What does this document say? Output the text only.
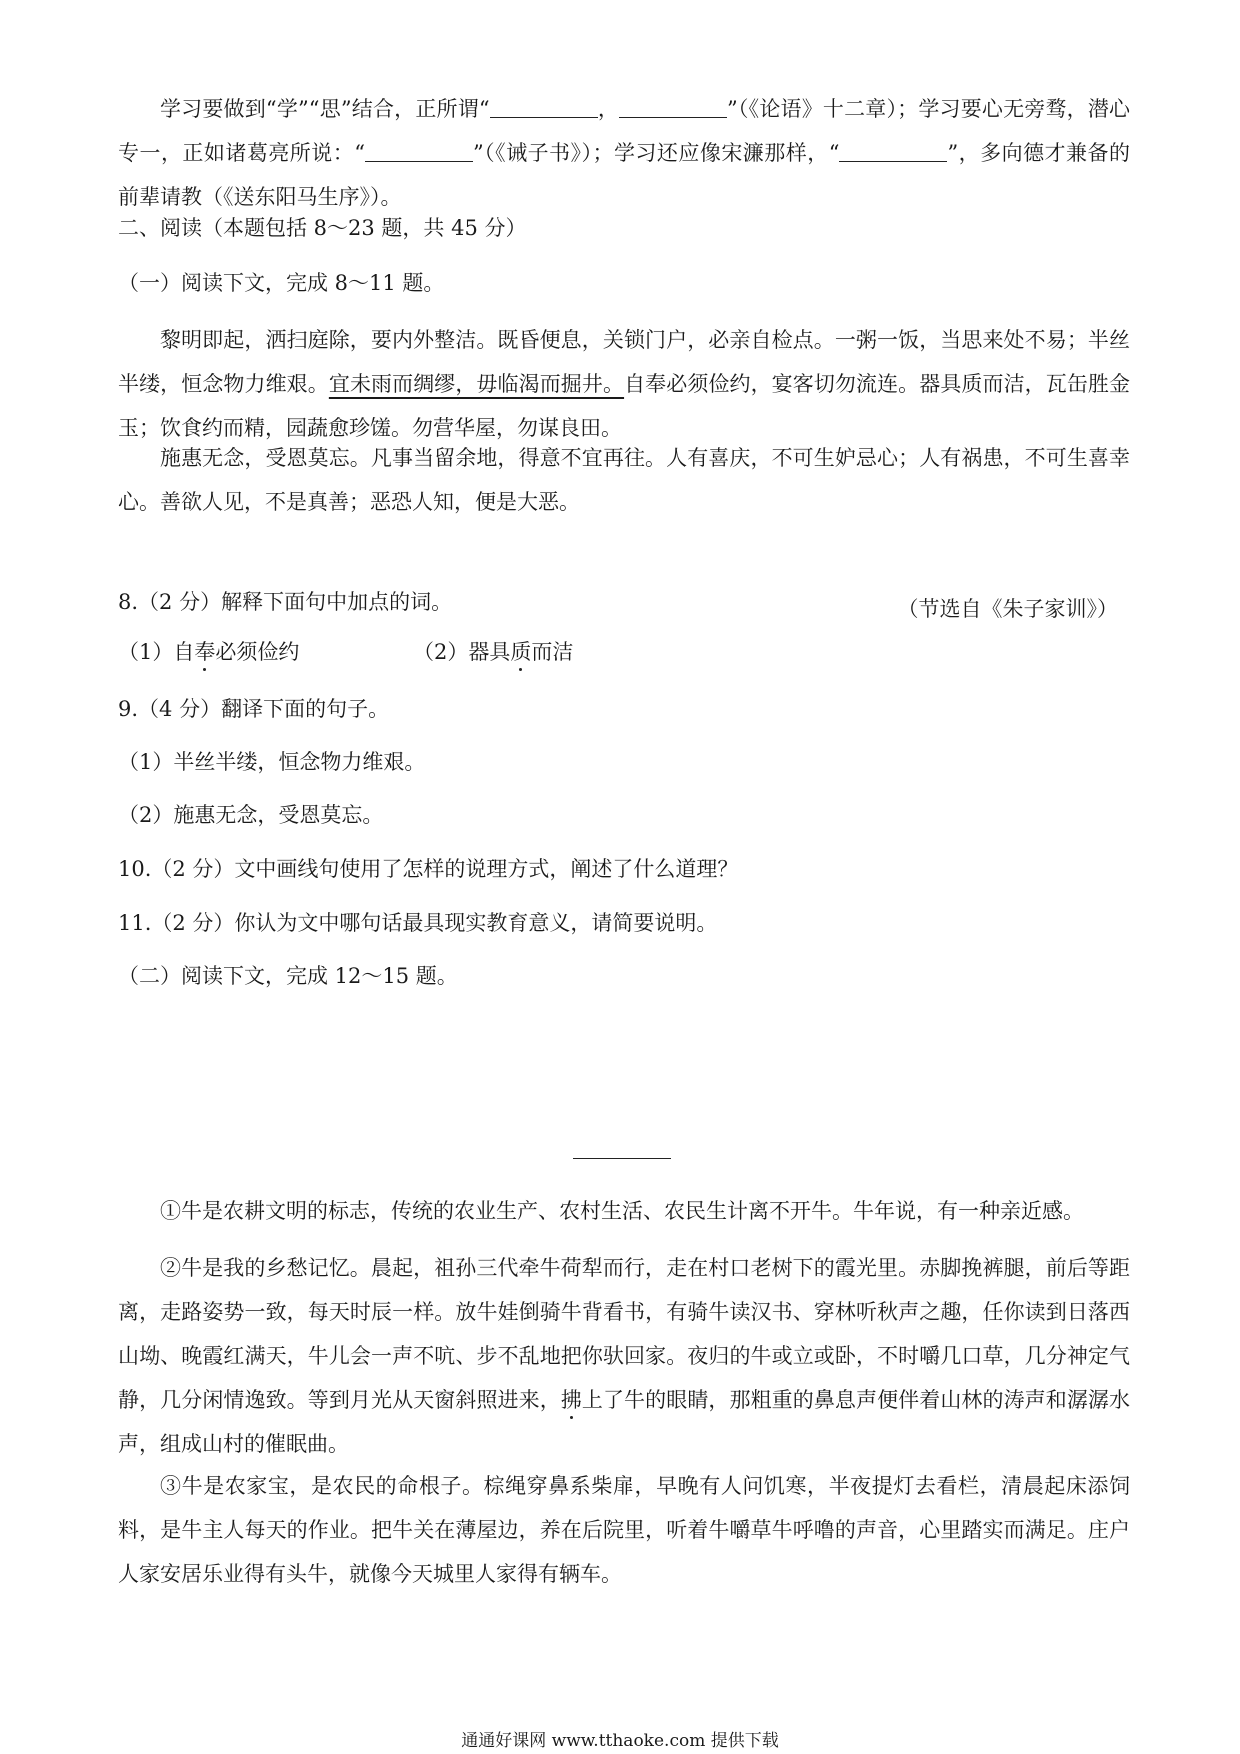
学习要做到“学”“思”结合，正所谓“	，	”（《论语》十二章）；学习要心无旁骛，潜心专一，正如诸葛亮所说：“	”（《诫子书》）；学习还应像宋濂那样，“	”，多向德才兼备的前辈请教（《送东阳马生序》）。

二、阅读（本题包括 8～23 题，共 45 分）
（一）阅读下文，完成 8～11 题。

黎明即起，洒扫庭除，要内外整洁。既昏便息，关锁门户，必亲自检点。一粥一饭，当思来处不易；半丝半缕，恒念物力维艰。宜未雨而绸缪，毋临渴而掘井。自奉必须俭约，宴客切勿流连。器具质而洁，瓦缶胜金玉；饮食约而精，园蔬愈珍馐。勿营华屋，勿谋良田。

施惠无念，受恩莫忘。凡事当留余地，得意不宜再往。人有喜庆，不可生妒忌心；人有祸患，不可生喜幸心。善欲人见，不是真善；恶恐人知，便是大恶。

（节选自《朱子家训》）
8.（2 分）解释下面句中加点的词。
（1）自奉必须俭约	（2）器具质而洁
9.（4 分）翻译下面的句子。
（1）半丝半缕，恒念物力维艰。
（2）施惠无念，受恩莫忘。
10.（2 分）文中画线句使用了怎样的说理方式，阐述了什么道理？
11.（2 分）你认为文中哪句话最具现实教育意义，请简要说明。
（二）阅读下文，完成 12～15 题。

①牛是农耕文明的标志，传统的农业生产、农村生活、农民生计离不开牛。牛年说，有一种亲近感。

②牛是我的乡愁记忆。晨起，祖孙三代牵牛荷犁而行，走在村口老树下的霞光里。赤脚挽裤腿，前后等距离，走路姿势一致，每天时辰一样。放牛娃倒骑牛背看书，有骑牛读汉书、穿林听秋声之趣，任你读到日落西山坳、晚霞红满天，牛儿会一声不吭、步不乱地把你驮回家。夜归的牛或立或卧，不时嚼几口草，几分神定气静，几分闲情逸致。等到月光从天窗斜照进来，拂上了牛的眼睛，那粗重的鼻息声便伴着山林的涛声和潺潺水声，组成山村的催眠曲。

③牛是农家宝，是农民的命根子。棕绳穿鼻系柴扉，早晚有人问饥寒，半夜提灯去看栏，清晨起床添饲料，是牛主人每天的作业。把牛关在薄屋边，养在后院里，听着牛嚼草牛呼噜的声音，心里踏实而满足。庄户人家安居乐业得有头牛，就像今天城里人家得有辆车。

通通好课网 www.tthaoke.com 提供下载
